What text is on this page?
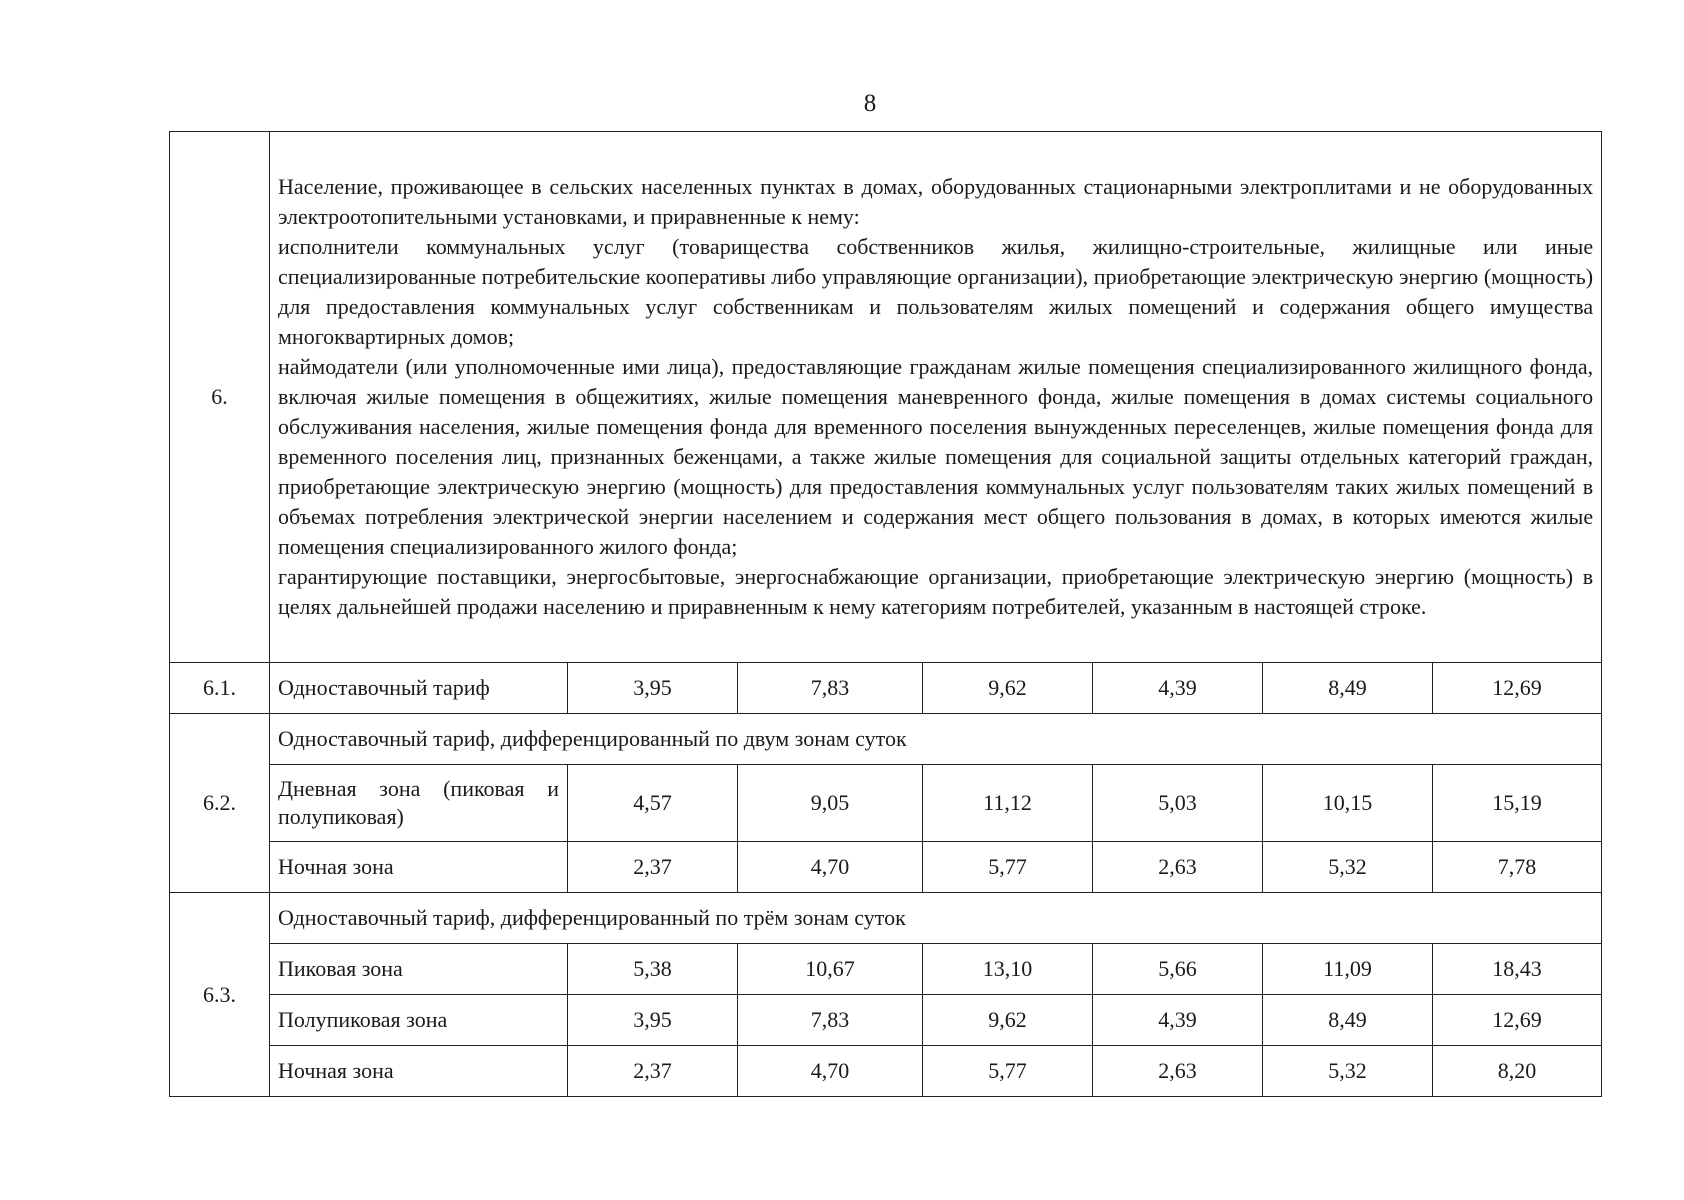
8
6.	Население, проживающее в сельских населенных пунктах в домах, оборудованных стационарными электроплитами и не оборудованных электроотопительными установками, и приравненные к нему:

исполнители коммунальных услуг (товарищества собственников жилья, жилищно-строительные, жилищные или иные специализированные потребительские кооперативы либо управляющие организации), приобретающие электрическую энергию (мощность) для предоставления коммунальных услуг собственникам и пользователям жилых помещений и содержания общего имущества многоквартирных домов;

наймодатели (или уполномоченные ими лица), предоставляющие гражданам жилые помещения специализированного жилищного фонда, включая жилые помещения в общежитиях, жилые помещения маневренного фонда, жилые помещения в домах системы социального обслуживания населения, жилые помещения фонда для временного поселения вынужденных переселенцев, жилые помещения фонда для временного поселения лиц, признанных беженцами, а также жилые помещения для социальной защиты отдельных категорий граждан, приобретающие электрическую энергию (мощность) для предоставления коммунальных услуг пользователям таких жилых помещений в объемах потребления электрической энергии населением и содержания мест общего пользования в домах, в которых имеются жилые помещения специализированного жилого фонда;

гарантирующие поставщики, энергосбытовые, энергоснабжающие организации, приобретающие электрическую энергию (мощность) в целях дальнейшей продажи населению и приравненным к нему категориям потребителей, указанным в настоящей строке.						

6.1.	Одноставочный тариф	3,95	7,83	9,62	4,39	8,49	12,69
6.2.	Одноставочный тариф, дифференцированный по двум зонам суток						
	Дневная зона (пиковая и полупиковая)	4,57	9,05	11,12	5,03	10,15	15,19
	Ночная зона	2,37	4,70	5,77	2,63	5,32	7,78
6.3.	Одноставочный тариф, дифференцированный по трём зонам суток						
	Пиковая зона	5,38	10,67	13,10	5,66	11,09	18,43
	Полупиковая зона	3,95	7,83	9,62	4,39	8,49	12,69
	Ночная зона	2,37	4,70	5,77	2,63	5,32	8,20
